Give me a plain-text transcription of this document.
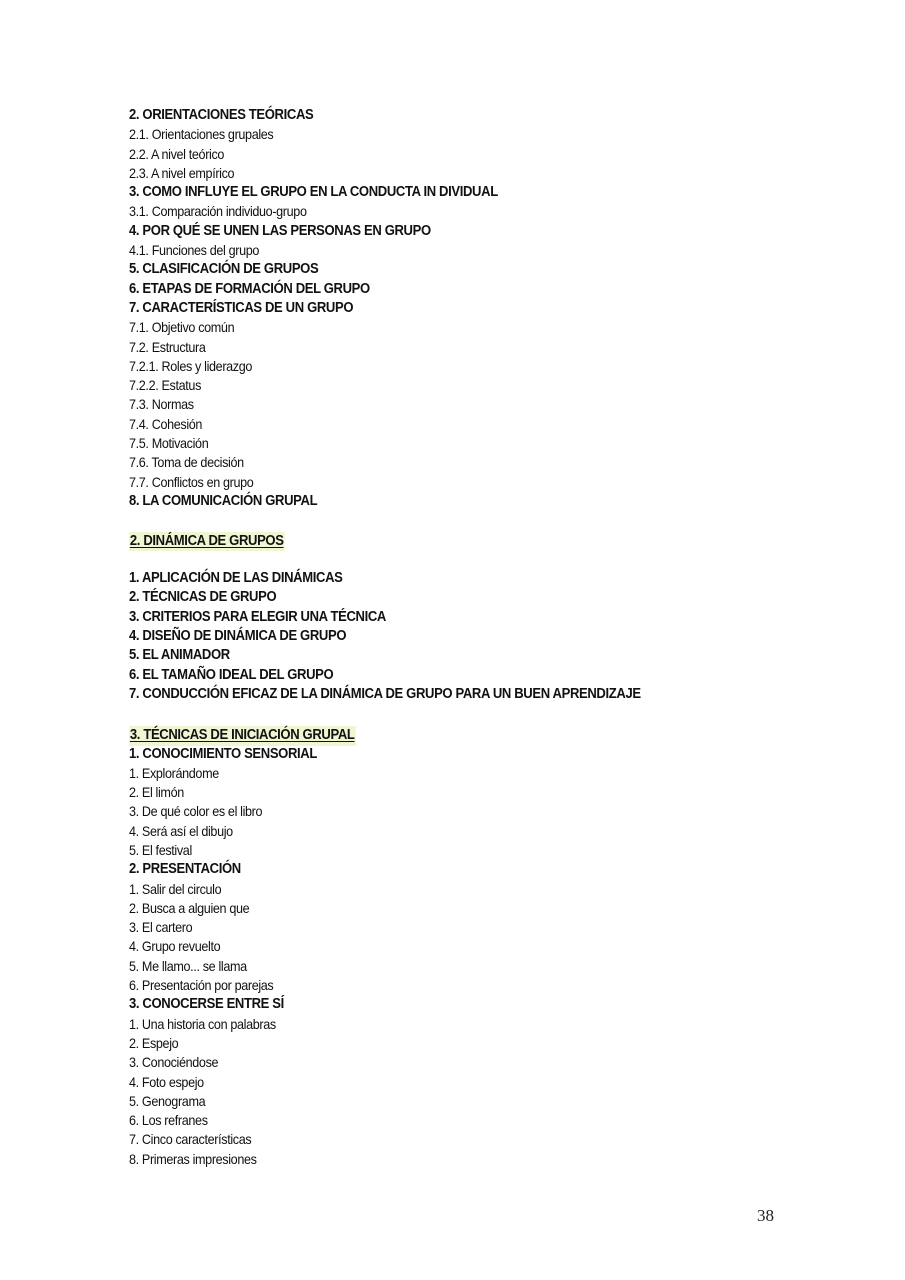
2. ORIENTACIONES TEÓRICAS
2.1. Orientaciones grupales
2.2. A nivel teórico
2.3. A nivel empírico
3. COMO INFLUYE EL GRUPO EN LA CONDUCTA IN DIVIDUAL
3.1. Comparación individuo-grupo
4. POR QUÉ SE UNEN LAS PERSONAS EN GRUPO
4.1. Funciones del grupo
5. CLASIFICACIÓN DE GRUPOS
6. ETAPAS DE FORMACIÓN DEL GRUPO
7. CARACTERÍSTICAS DE UN GRUPO
7.1. Objetivo común
7.2. Estructura
7.2.1. Roles y liderazgo
7.2.2. Estatus
7.3. Normas
7.4. Cohesión
7.5. Motivación
7.6. Toma de decisión
7.7. Conflictos en grupo
8. LA COMUNICACIÓN GRUPAL
2. DINÁMICA DE GRUPOS
1. APLICACIÓN DE LAS DINÁMICAS
2. TÉCNICAS DE GRUPO
3. CRITERIOS PARA ELEGIR UNA TÉCNICA
4. DISEÑO DE DINÁMICA DE GRUPO
5. EL ANIMADOR
6. EL TAMAÑO IDEAL DEL GRUPO
7. CONDUCCIÓN EFICAZ DE LA DINÁMICA DE GRUPO PARA UN BUEN APRENDIZAJE
3. TÉCNICAS DE INICIACIÓN GRUPAL
1. CONOCIMIENTO SENSORIAL
1. Explorándome
2. El limón
3. De qué color es el libro
4. Será así el dibujo
5. El festival
2. PRESENTACIÓN
1. Salir del circulo
2. Busca a alguien que
3. El cartero
4. Grupo revuelto
5. Me llamo... se llama
6. Presentación por parejas
3. CONOCERSE ENTRE SÍ
1. Una historia con palabras
2. Espejo
3. Conociéndose
4. Foto espejo
5. Genograma
6. Los refranes
7. Cinco características
8. Primeras impresiones
38
